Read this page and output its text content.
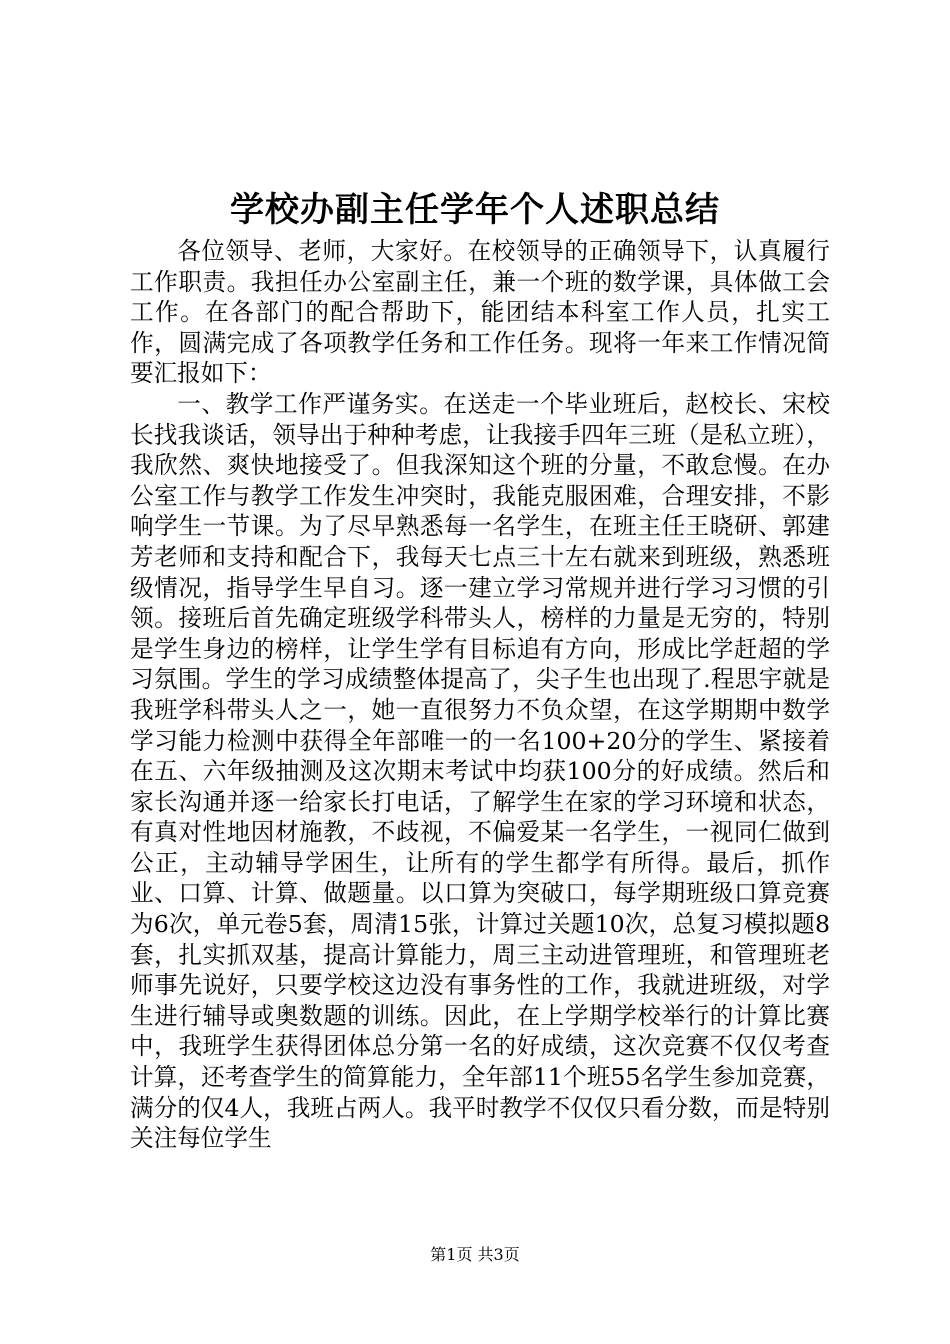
学校办副主任学年个人述职总结

各位领导、老师，大家好。在校领导的正确领导下，认真履行工作职责。我担任办公室副主任，兼一个班的数学课，具体做工会工作。在各部门的配合帮助下，能团结本科室工作人员，扎实工作，圆满完成了各项教学任务和工作任务。现将一年来工作情况简要汇报如下：

一、教学工作严谨务实。在送走一个毕业班后，赵校长、宋校长找我谈话，领导出于种种考虑，让我接手四年三班（是私立班），我欣然、爽快地接受了。但我深知这个班的分量，不敢怠慢。在办公室工作与教学工作发生冲突时，我能克服困难，合理安排，不影响学生一节课。为了尽早熟悉每一名学生，在班主任王晓研、郭建芳老师和支持和配合下，我每天七点三十左右就来到班级，熟悉班级情况，指导学生早自习。逐一建立学习常规并进行学习习惯的引领。接班后首先确定班级学科带头人，榜样的力量是无穷的，特别是学生身边的榜样，让学生学有目标追有方向，形成比学赶超的学习氛围。学生的学习成绩整体提高了，尖子生也出现了.程思宇就是我班学科带头人之一，她一直很努力不负众望，在这学期期中数学学习能力检测中获得全年部唯一的一名100+20分的学生、紧接着在五、六年级抽测及这次期末考试中均获100分的好成绩。然后和家长沟通并逐一给家长打电话，了解学生在家的学习环境和状态，有真对性地因材施教，不歧视，不偏爱某一名学生，一视同仁做到公正，主动辅导学困生，让所有的学生都学有所得。最后，抓作业、口算、计算、做题量。以口算为突破口，每学期班级口算竞赛为6次，单元卷5套，周清15张，计算过关题10次，总复习模拟题8套，扎实抓双基，提高计算能力，周三主动进管理班，和管理班老师事先说好，只要学校这边没有事务性的工作，我就进班级，对学生进行辅导或奥数题的训练。因此，在上学期学校举行的计算比赛中，我班学生获得团体总分第一名的好成绩，这次竞赛不仅仅考查计算，还考查学生的简算能力，全年部11个班55名学生参加竞赛，满分的仅4人，我班占两人。我平时教学不仅仅只看分数，而是特别关注每位学生

第1页 共3页
